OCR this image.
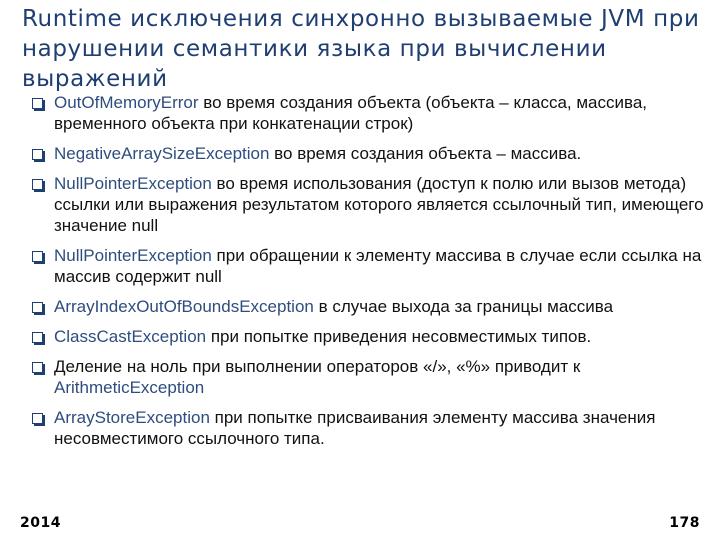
Runtime исключения синхронно вызываемые JVM при нарушении семантики языка при вычислении выражений
OutOfMemoryError во время создания объекта (объекта – класса, массива, временного объекта при конкатенации строк)
NegativeArraySizeException во время создания объекта – массива.
NullPointerException во время использования (доступ к полю или вызов метода) ссылки или выражения результатом которого является ссылочный тип, имеющего значение null
NullPointerException при обращении к элементу массива в случае если ссылка на массив содержит null
ArrayIndexOutOfBoundsException в случае выхода за границы массива
ClassCastException при попытке приведения несовместимых типов.
Деление на ноль при выполнении операторов «/», «%» приводит к ArithmeticException
ArrayStoreException при попытке присваивания элементу массива значения несовместимого ссылочного типа.
2014	178
